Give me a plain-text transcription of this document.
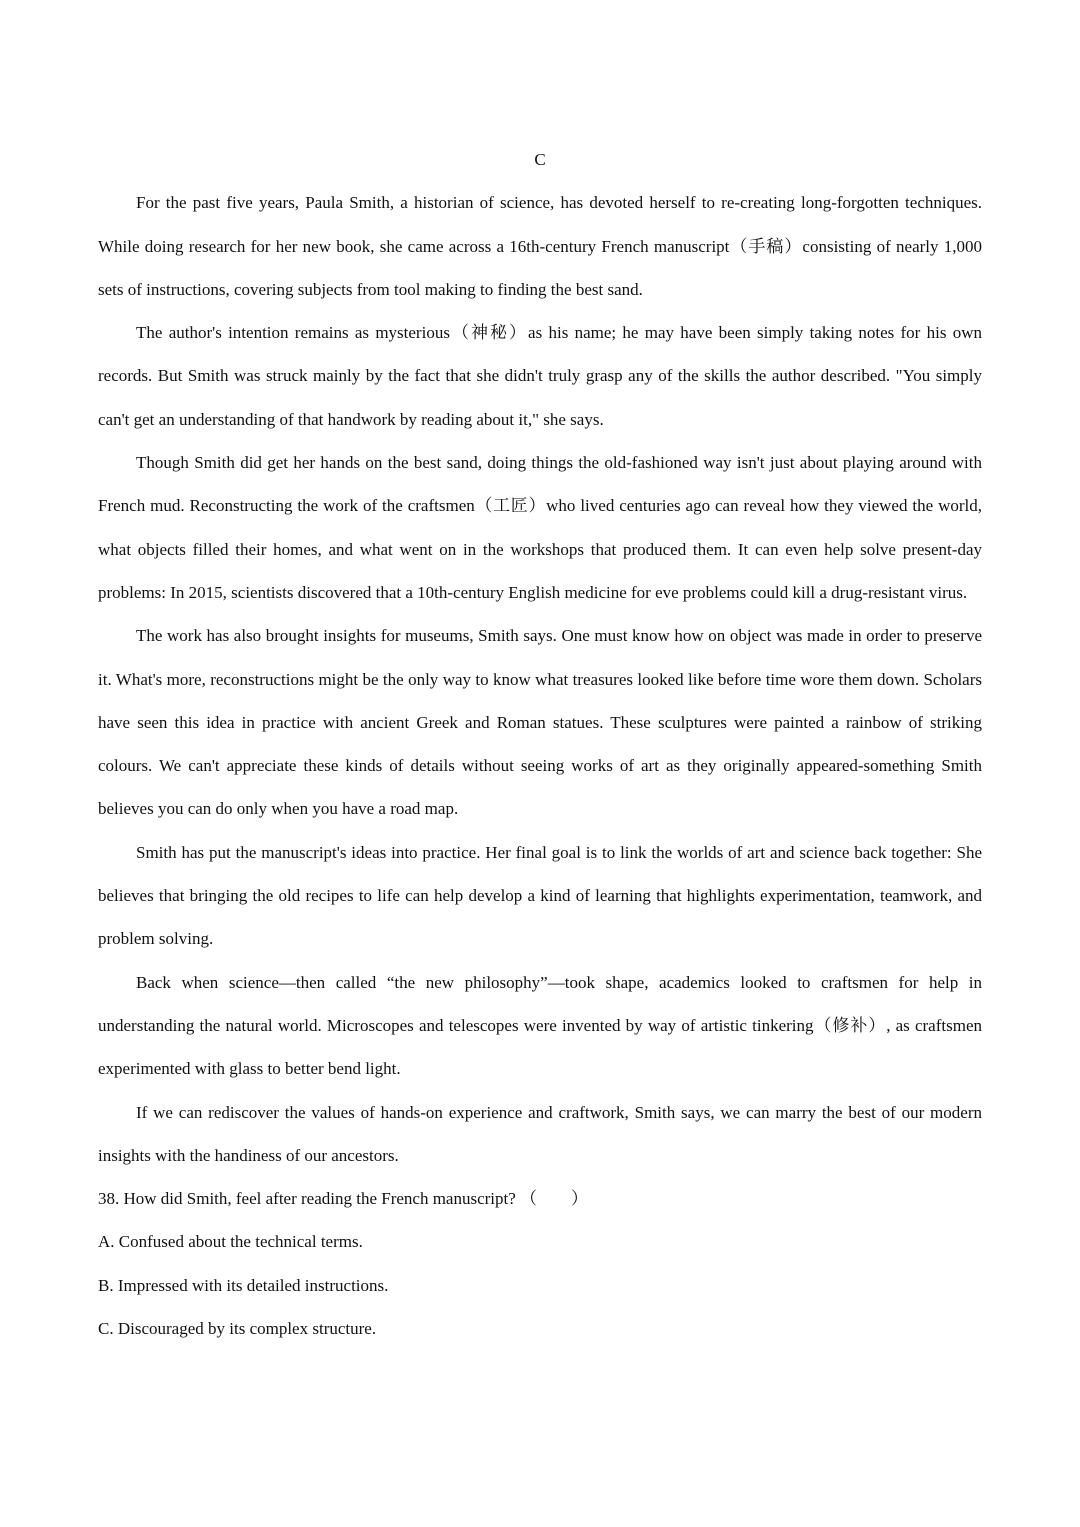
C

For the past five years, Paula Smith, a historian of science, has devoted herself to re-creating long-forgotten techniques. While doing research for her new book, she came across a 16th-century French manuscript（手稿）consisting of nearly 1,000 sets of instructions, covering subjects from tool making to finding the best sand.

The author's intention remains as mysterious（神秘）as his name; he may have been simply taking notes for his own records. But Smith was struck mainly by the fact that she didn't truly grasp any of the skills the author described. "You simply can't get an understanding of that handwork by reading about it," she says.

Though Smith did get her hands on the best sand, doing things the old-fashioned way isn't just about playing around with French mud. Reconstructing the work of the craftsmen（工匠）who lived centuries ago can reveal how they viewed the world, what objects filled their homes, and what went on in the workshops that produced them. It can even help solve present-day problems: In 2015, scientists discovered that a 10th-century English medicine for eve problems could kill a drug-resistant virus.

The work has also brought insights for museums, Smith says. One must know how on object was made in order to preserve it. What's more, reconstructions might be the only way to know what treasures looked like before time wore them down. Scholars have seen this idea in practice with ancient Greek and Roman statues. These sculptures were painted a rainbow of striking colours. We can't appreciate these kinds of details without seeing works of art as they originally appeared-something Smith believes you can do only when you have a road map.

Smith has put the manuscript's ideas into practice. Her final goal is to link the worlds of art and science back together: She believes that bringing the old recipes to life can help develop a kind of learning that highlights experimentation, teamwork, and problem solving.

Back when science—then called “the new philosophy”—took shape, academics looked to craftsmen for help in understanding the natural world. Microscopes and telescopes were invented by way of artistic tinkering（修补）, as craftsmen experimented with glass to better bend light.

If we can rediscover the values of hands-on experience and craftwork, Smith says, we can marry the best of our modern insights with the handiness of our ancestors.

38. How did Smith, feel after reading the French manuscript? （　　）

A. Confused about the technical terms.

B. Impressed with its detailed instructions.

C. Discouraged by its complex structure.
